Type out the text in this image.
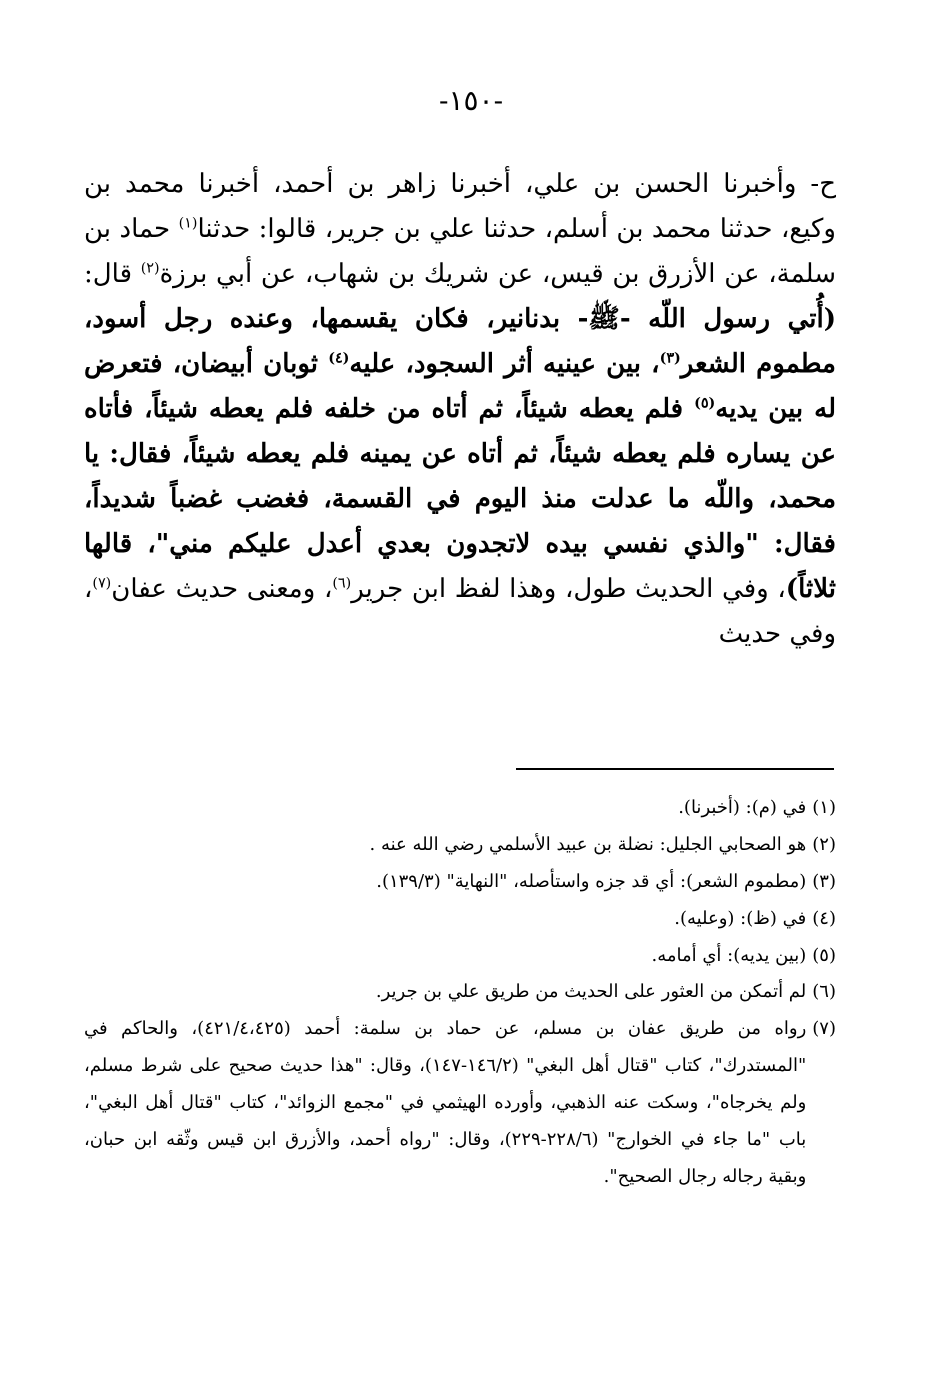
-١٥٠-
ح- وأخبرنا الحسن بن علي، أخبرنا زاهر بن أحمد، أخبرنا محمد بن وكيع، حدثنا محمد بن أسلم، حدثنا علي بن جرير، قالوا: حدثنا$^{(١)}$ حماد بن سلمة، عن الأزرق بن قيس، عن شريك بن شهاب، عن أبي برزة$^{(٢)}$ قال: (أُتي رسول اللّه -ﷺ- بدنانير، فكان يقسمها، وعنده رجل أسود، مطموم الشعر$^{(٣)}$، بين عينيه أثر السجود، عليه$^{(٤)}$ ثوبان أبيضان، فتعرض له بين يديه$^{(٥)}$ فلم يعطه شيئاً، ثم أتاه من خلفه فلم يعطه شيئاً، فأتاه عن يساره فلم يعطه شيئاً، ثم أتاه عن يمينه فلم يعطه شيئاً، فقال: يا محمد، واللّه ما عدلت منذ اليوم في القسمة، فغضب غضباً شديداً، فقال: "والذي نفسي بيده لاتجدون بعدي أعدل عليكم مني"، قالها ثلاثاً)، وفي الحديث طول، وهذا لفظ ابن جرير$^{(٦)}$، ومعنى حديث عفان$^{(٧)}$، وفي حديث
(١)
في (م): (أخبرنا).
(٢)
هو الصحابي الجليل: نضلة بن عبيد الأسلمي رضي الله عنه .
(٣)
(مطموم الشعر): أي قد جزه واستأصله، "النهاية" (١٣٩/٣).
(٤)
في (ظ): (وعليه).
(٥)
(بين يديه): أي أمامه.
(٦)
لم أتمكن من العثور على الحديث من طريق علي بن جرير.
(٧)
رواه من طريق عفان بن مسلم، عن حماد بن سلمة: أحمد (٤٢١/٤،٤٢٥)، والحاكم في "المستدرك"، كتاب "قتال أهل البغي" (١٤٦/٢-١٤٧)، وقال: "هذا حديث صحيح على شرط مسلم، ولم يخرجاه"، وسكت عنه الذهبي، وأورده الهيثمي في "مجمع الزوائد"، كتاب "قتال أهل البغي"، باب "ما جاء في الخوارج" (٢٢٨/٦-٢٢٩)، وقال: "رواه أحمد، والأزرق ابن قيس وثّقه ابن حبان، وبقية رجاله رجال الصحيح".
